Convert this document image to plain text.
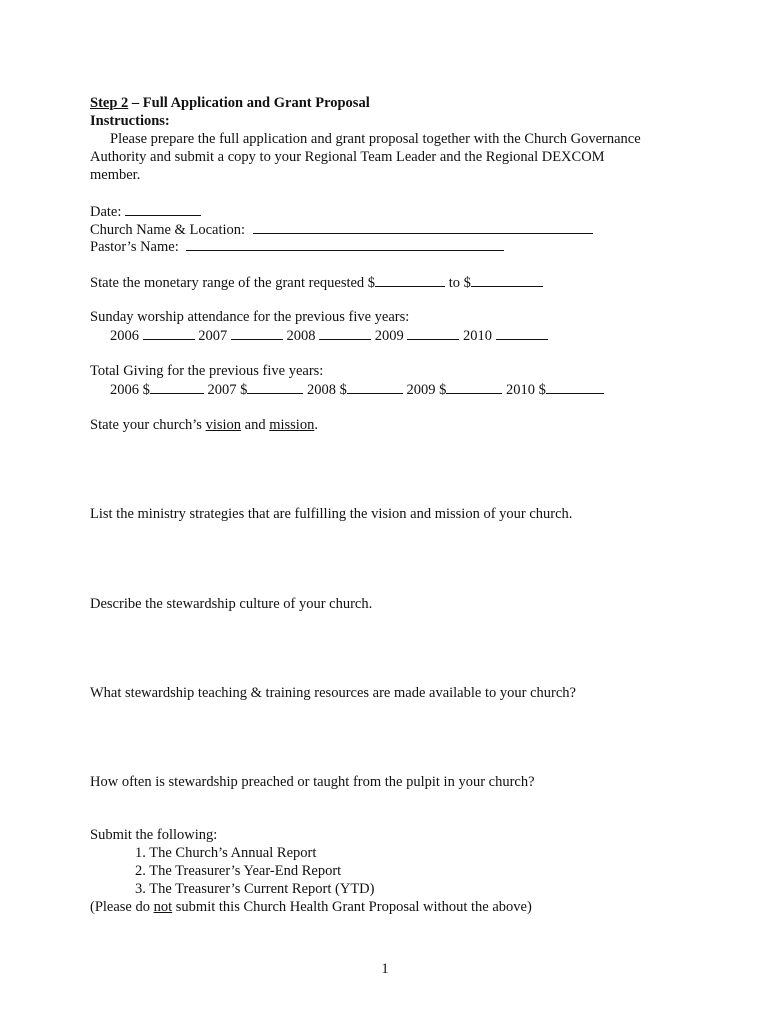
Step 2 – Full Application and Grant Proposal
Instructions:
Please prepare the full application and grant proposal together with the Church Governance
Authority and submit a copy to your Regional Team Leader and the Regional DEXCOM
member.
Date:
Church Name & Location:
Pastor’s Name:
State the monetary range of the grant requested $	to $
Sunday worship attendance for the previous five years:
2006	2007	2008	2009	2010
Total Giving for the previous five years:
2006 $	2007 $	2008 $	2009 $	2010 $
State your church’s vision and mission.
List the ministry strategies that are fulfilling the vision and mission of your church.
Describe the stewardship culture of your church.
What stewardship teaching & training resources are made available to your church?
How often is stewardship preached or taught from the pulpit in your church?
Submit the following:
1. The Church’s Annual Report
2. The Treasurer’s Year-End Report
3. The Treasurer’s Current Report (YTD)
(Please do not submit this Church Health Grant Proposal without the above)
1
